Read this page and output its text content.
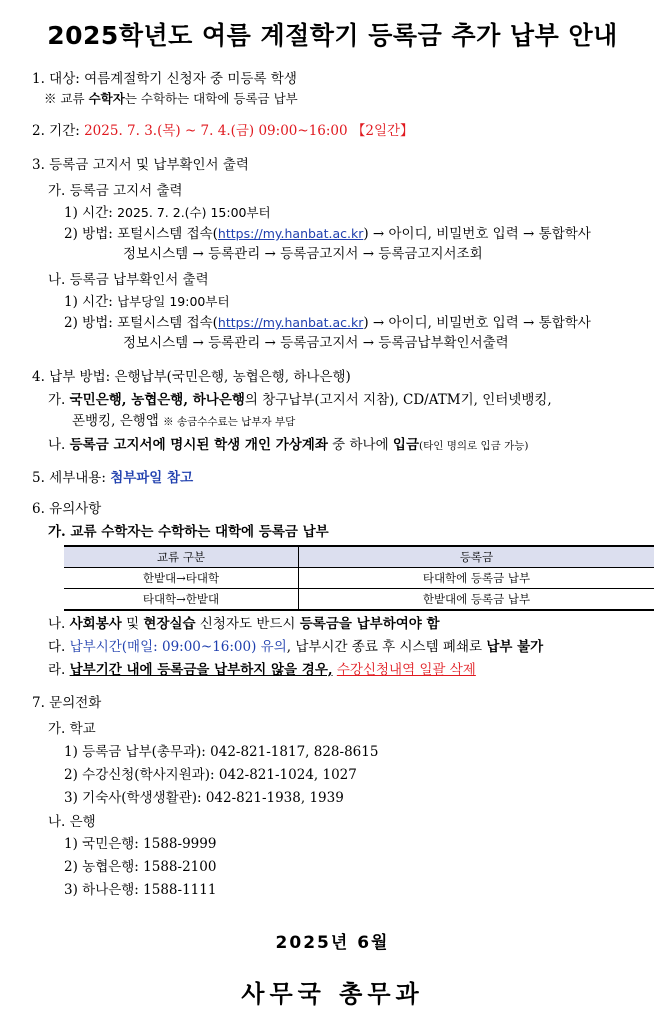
2025학년도 여름 계절학기 등록금 추가 납부 안내
1. 대상: 여름계절학기 신청자 중 미등록 학생
※ 교류 수학자는 수학하는 대학에 등록금 납부
2. 기간: 2025. 7. 3.(목) ~ 7. 4.(금) 09:00~16:00 【2일간】
3. 등록금 고지서 및 납부확인서 출력
가. 등록금 고지서 출력
1) 시간: 2025. 7. 2.(수) 15:00부터
2) 방법: 포털시스템 접속(https://my.hanbat.ac.kr) → 아이디, 비밀번호 입력 → 통합학사
정보시스템 → 등록관리 → 등록금고지서 → 등록금고지서조회
나. 등록금 납부확인서 출력
1) 시간: 납부당일 19:00부터
2) 방법: 포털시스템 접속(https://my.hanbat.ac.kr) → 아이디, 비밀번호 입력 → 통합학사
정보시스템 → 등록관리 → 등록금고지서 → 등록금납부확인서출력
4. 납부 방법: 은행납부(국민은행, 농협은행, 하나은행)
가. 국민은행, 농협은행, 하나은행의 창구납부(고지서 지참), CD/ATM기, 인터넷뱅킹,
폰뱅킹, 은행앱 ※ 송금수수료는 납부자 부담
나. 등록금 고지서에 명시된 학생 개인 가상계좌 중 하나에 입금(타인 명의로 입금 가능)
5. 세부내용: 첨부파일 참고
6. 유의사항
가. 교류 수학자는 수학하는 대학에 등록금 납부
교류 구분	등록금
한밭대→타대학	타대학에 등록금 납부
타대학→한밭대	한밭대에 등록금 납부
나. 사회봉사 및 현장실습 신청자도 반드시 등록금을 납부하여야 함
다. 납부시간(매일: 09:00~16:00) 유의, 납부시간 종료 후 시스템 폐쇄로 납부 불가
라. 납부기간 내에 등록금을 납부하지 않을 경우, 수강신청내역 일괄 삭제
7. 문의전화
가. 학교
1) 등록금 납부(총무과): 042-821-1817, 828-8615
2) 수강신청(학사지원과): 042-821-1024, 1027
3) 기숙사(학생생활관): 042-821-1938, 1939
나. 은행
1) 국민은행: 1588-9999
2) 농협은행: 1588-2100
3) 하나은행: 1588-1111
2025년 6월
사무국 총무과
